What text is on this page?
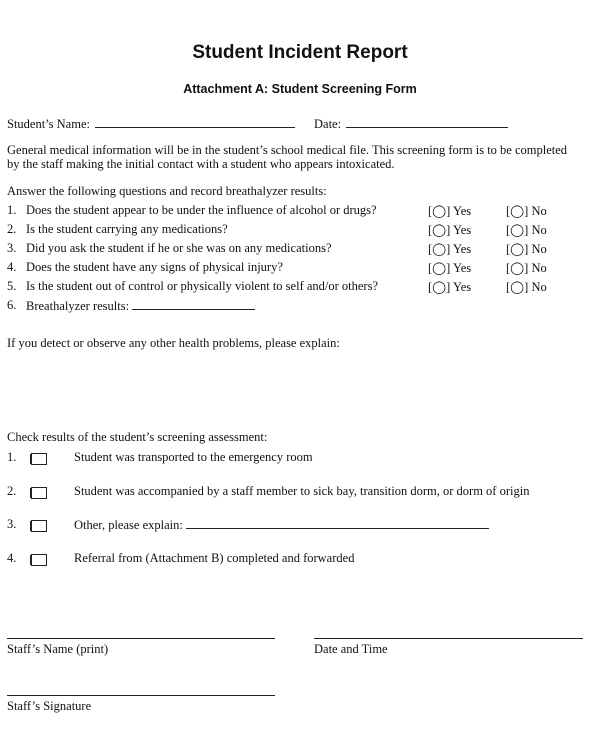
Student Incident Report
Attachment A: Student Screening Form
Student’s Name:	Date:
General medical information will be in the student’s school medical file. This screening form is to be completed
by the staff making the initial contact with a student who appears intoxicated.
Answer the following questions and record breathalyzer results:
1. Does the student appear to be under the influence of alcohol or drugs?	[◯] Yes	[◯] No
2. Is the student carrying any medications?	[◯] Yes	[◯] No
3. Did you ask the student if he or she was on any medications?	[◯] Yes	[◯] No
4. Does the student have any signs of physical injury?	[◯] Yes	[◯] No
5. Is the student out of control or physically violent to self and/or others?	[◯] Yes	[◯] No
6. Breathalyzer results:
If you detect or observe any other health problems, please explain:
Check results of the student’s screening assessment:
1.	Student was transported to the emergency room
2.	Student was accompanied by a staff member to sick bay, transition dorm, or dorm of origin
3.	Other, please explain:
4.	Referral from (Attachment B) completed and forwarded
Staff’s Name (print)	Date and Time
Staff’s Signature
